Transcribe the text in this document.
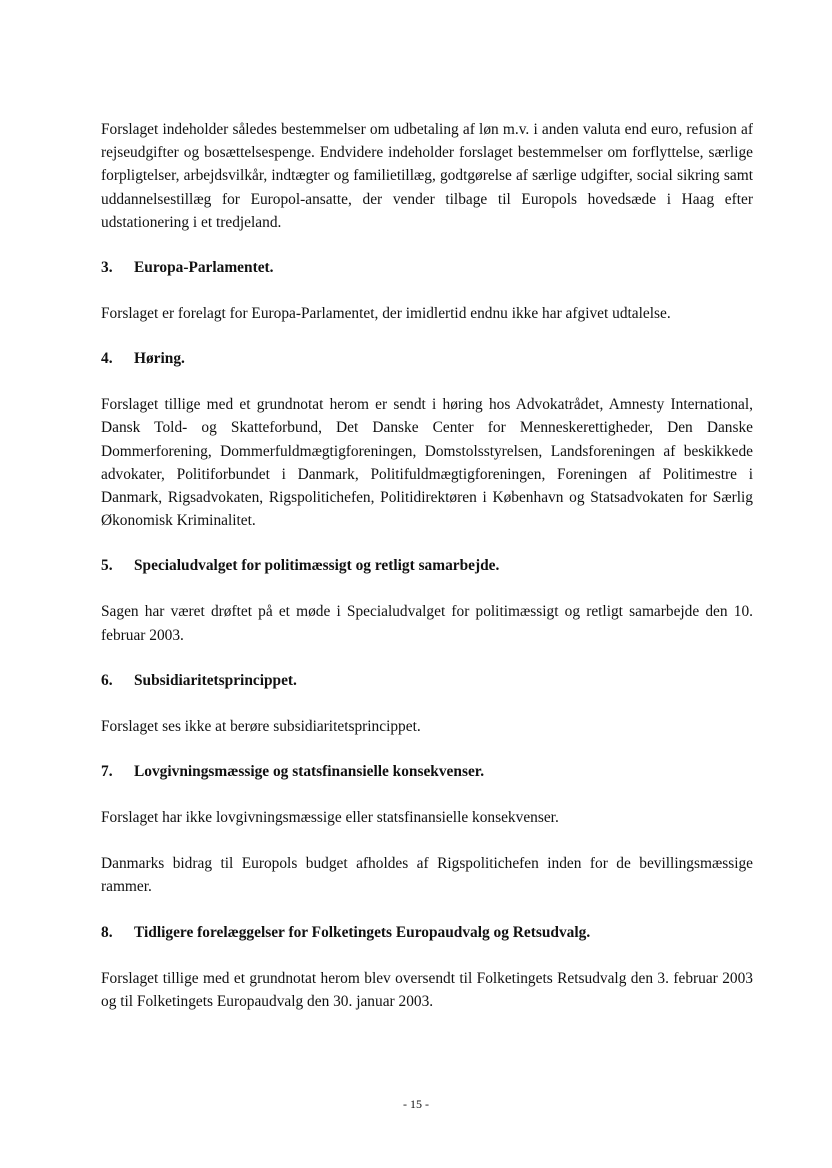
Forslaget indeholder således bestemmelser om udbetaling af løn m.v. i anden valuta end euro, refusion af rejseudgifter og bosættelsespenge. Endvidere indeholder forslaget bestemmelser om forflyttelse, særlige forpligtelser, arbejdsvilkår, indtægter og familietillæg, godtgørelse af særlige udgifter, social sikring samt uddannelsestillæg for Europol-ansatte, der vender tilbage til Europols hovedsæde i Haag efter udstationering i et tredjeland.

3.	Europa-Parlamentet.

Forslaget er forelagt for Europa-Parlamentet, der imidlertid endnu ikke har afgivet udtalelse.

4.	Høring.

Forslaget tillige med et grundnotat herom er sendt i høring hos Advokatrådet, Amnesty International, Dansk Told- og Skatteforbund, Det Danske Center for Menneskerettigheder, Den Danske Dommerforening, Dommerfuldmægtigforeningen, Domstolsstyrelsen, Landsforeningen af beskikkede advokater, Politiforbundet i Danmark, Politifuldmægtigforeningen, Foreningen af Politimestre i Danmark, Rigsadvokaten, Rigspolitichefen, Politidirektøren i København og Statsadvokaten for Særlig Økonomisk Kriminalitet.

5.	Specialudvalget for politimæssigt og retligt samarbejde.

Sagen har været drøftet på et møde i Specialudvalget for politimæssigt og retligt samarbejde den 10. februar 2003.

6.	Subsidiaritetsprincippet.

Forslaget ses ikke at berøre subsidiaritetsprincippet.

7.	Lovgivningsmæssige og statsfinansielle konsekvenser.

Forslaget har ikke lovgivningsmæssige eller statsfinansielle konsekvenser.

Danmarks bidrag til Europols budget afholdes af Rigspolitichefen inden for de bevillingsmæssige rammer.

8.	Tidligere forelæggelser for Folketingets Europaudvalg og Retsudvalg.

Forslaget tillige med et grundnotat herom blev oversendt til Folketingets Retsudvalg den 3. februar 2003 og til Folketingets Europaudvalg den 30. januar 2003.

- 15 -
